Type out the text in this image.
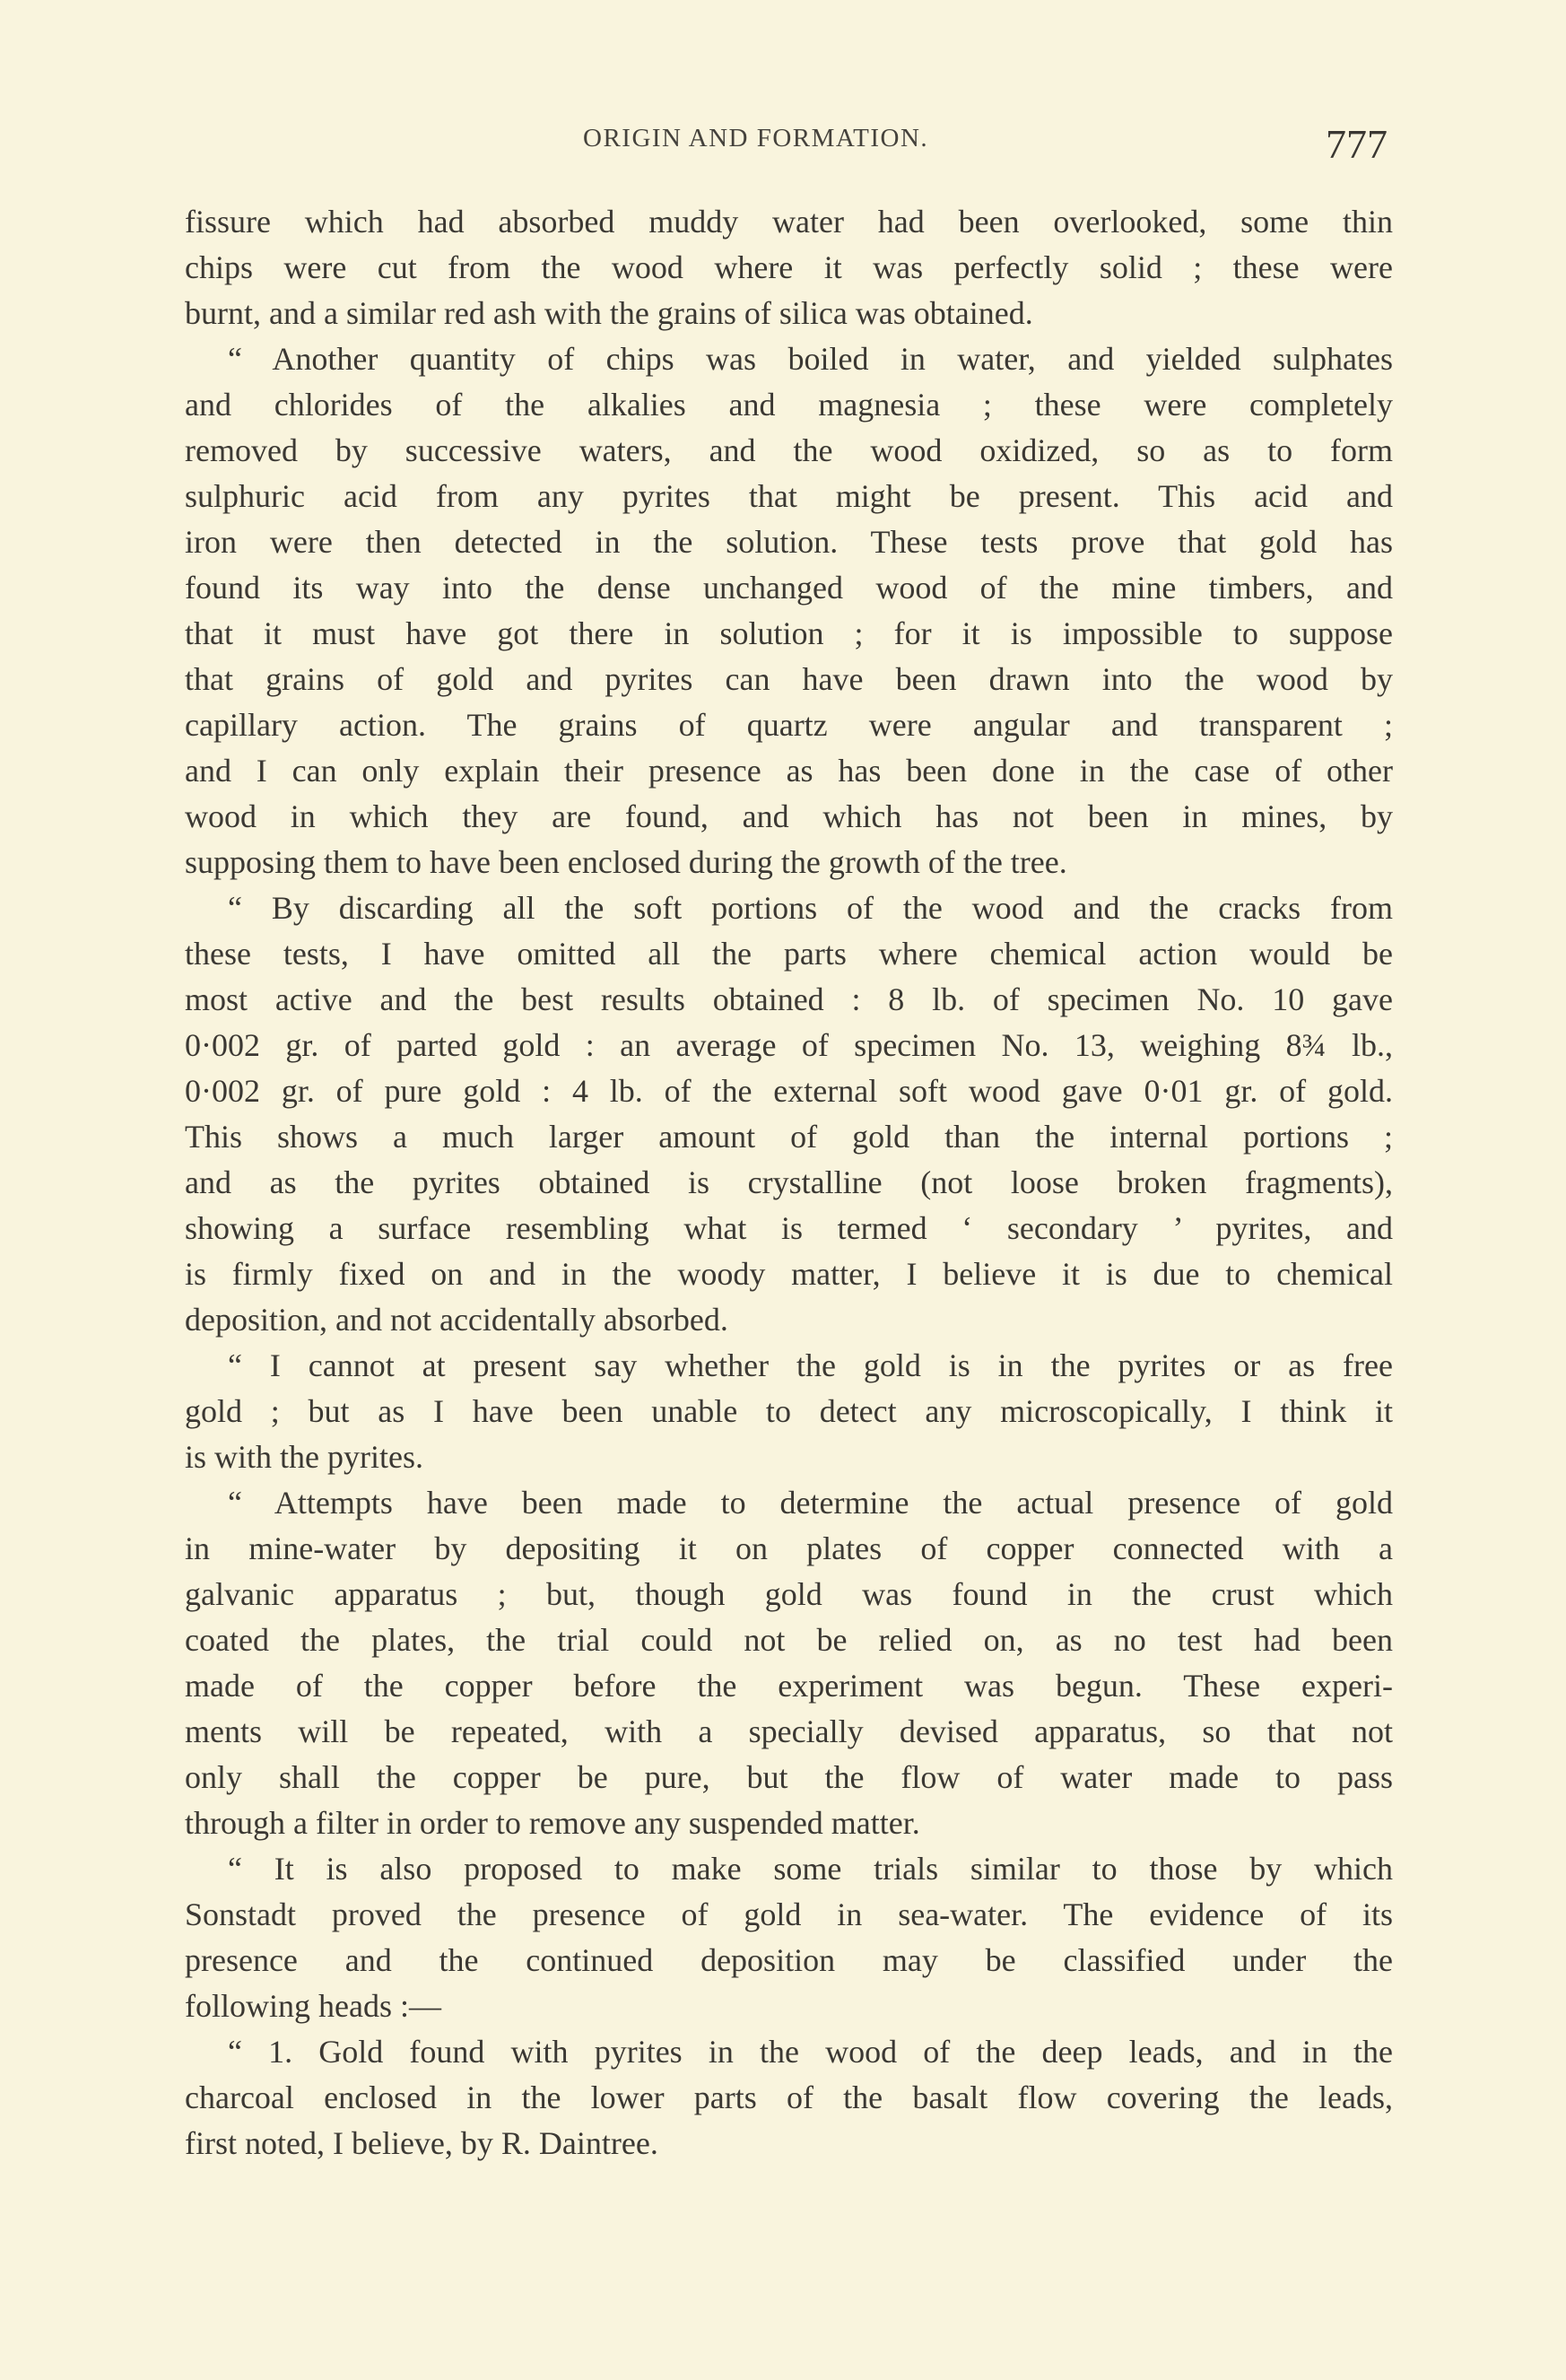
ORIGIN AND FORMATION.	777
fissure which had absorbed muddy water had been overlooked, some thin
chips were cut from the wood where it was perfectly solid ; these were
burnt, and a similar red ash with the grains of silica was obtained.
“ Another quantity of chips was boiled in water, and yielded sulphates
and chlorides of the alkalies and magnesia ; these were completely
removed by successive waters, and the wood oxidized, so as to form
sulphuric acid from any pyrites that might be present. This acid and
iron were then detected in the solution. These tests prove that gold has
found its way into the dense unchanged wood of the mine timbers, and
that it must have got there in solution ; for it is impossible to suppose
that grains of gold and pyrites can have been drawn into the wood by
capillary action. The grains of quartz were angular and transparent ;
and I can only explain their presence as has been done in the case of other
wood in which they are found, and which has not been in mines, by
supposing them to have been enclosed during the growth of the tree.
“ By discarding all the soft portions of the wood and the cracks from
these tests, I have omitted all the parts where chemical action would be
most active and the best results obtained : 8 lb. of specimen No. 10 gave
0·002 gr. of parted gold : an average of specimen No. 13, weighing 8¾ lb.,
0·002 gr. of pure gold : 4 lb. of the external soft wood gave 0·01 gr. of gold.
This shows a much larger amount of gold than the internal portions ;
and as the pyrites obtained is crystalline (not loose broken fragments),
showing a surface resembling what is termed ‘ secondary ’ pyrites, and
is firmly fixed on and in the woody matter, I believe it is due to chemical
deposition, and not accidentally absorbed.
“ I cannot at present say whether the gold is in the pyrites or as free
gold ; but as I have been unable to detect any microscopically, I think it
is with the pyrites.
“ Attempts have been made to determine the actual presence of gold
in mine-water by depositing it on plates of copper connected with a
galvanic apparatus ; but, though gold was found in the crust which
coated the plates, the trial could not be relied on, as no test had been
made of the copper before the experiment was begun. These experi-
ments will be repeated, with a specially devised apparatus, so that not
only shall the copper be pure, but the flow of water made to pass
through a filter in order to remove any suspended matter.
“ It is also proposed to make some trials similar to those by which
Sonstadt proved the presence of gold in sea-water. The evidence of its
presence and the continued deposition may be classified under the
following heads :—
“ 1. Gold found with pyrites in the wood of the deep leads, and in the
charcoal enclosed in the lower parts of the basalt flow covering the leads,
first noted, I believe, by R. Daintree.
